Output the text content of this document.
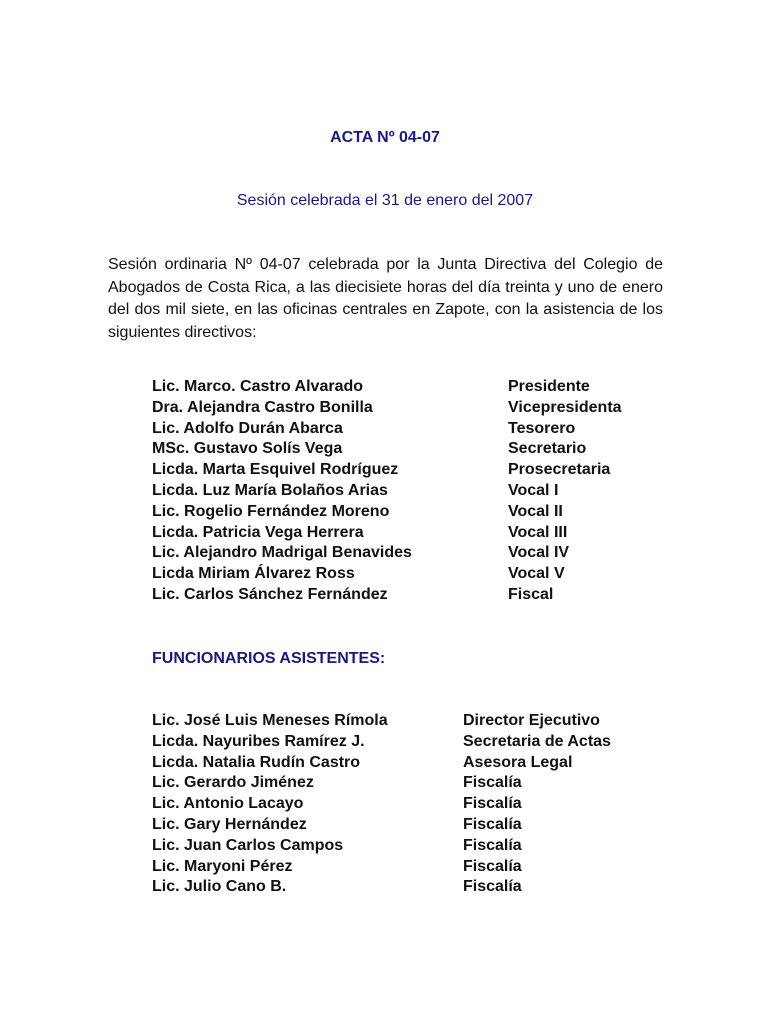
ACTA Nº 04-07
Sesión celebrada el 31 de enero del 2007

Sesión ordinaria Nº 04-07 celebrada por la Junta Directiva del Colegio de Abogados de Costa Rica, a las diecisiete horas del día treinta y uno de enero del dos mil siete, en las oficinas centrales en Zapote, con la asistencia de los siguientes directivos:

Lic. Marco. Castro Alvarado	Presidente
Dra. Alejandra Castro Bonilla	Vicepresidenta
Lic. Adolfo Durán Abarca	Tesorero
MSc. Gustavo Solís Vega	Secretario
Licda. Marta Esquivel Rodríguez	Prosecretaria
Licda. Luz María Bolaños Arias	Vocal I
Lic. Rogelio Fernández Moreno	Vocal II
Licda. Patricia Vega Herrera	Vocal III
Lic. Alejandro Madrigal Benavides	Vocal IV
Licda Miriam Álvarez Ross	Vocal V
Lic. Carlos Sánchez Fernández	Fiscal
FUNCIONARIOS ASISTENTES:
Lic. José Luis Meneses Rímola	Director Ejecutivo
Licda. Nayuribes Ramírez J.	Secretaria de Actas
Licda. Natalia Rudín Castro	Asesora Legal
Lic. Gerardo Jiménez	Fiscalía
Lic. Antonio Lacayo	Fiscalía
Lic. Gary Hernández	Fiscalía
Lic. Juan Carlos Campos	Fiscalía
Lic. Maryoni Pérez	Fiscalía
Lic. Julio Cano B.	Fiscalía
